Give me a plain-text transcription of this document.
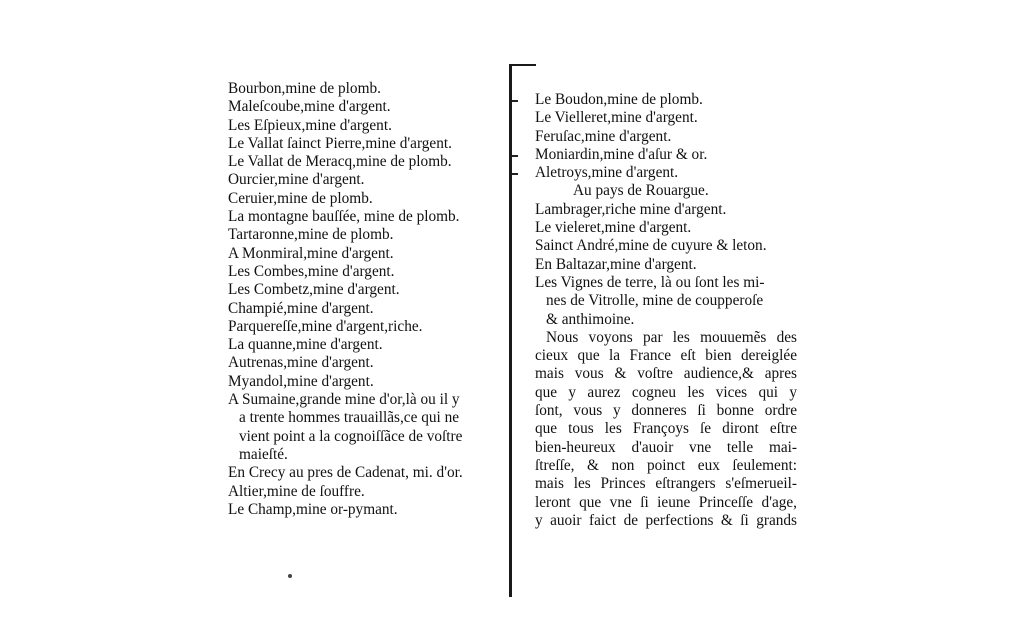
Bourbon,mine de plomb.
Maleſcoube,mine d'argent.
Les Eſpieux,mine d'argent.
Le Vallat ſainct Pierre,mine d'argent.
Le Vallat de Meracq,mine de plomb.
Ourcier,mine d'argent.
Ceruier,mine de plomb.
La montagne bauſſée, mine de plomb.
Tartaronne,mine de plomb.
A Monmiral,mine d'argent.
Les Combes,mine d'argent.
Les Combetz,mine d'argent.
Champié,mine d'argent.
Parquereſſe,mine d'argent,riche.
La quanne,mine d'argent.
Autrenas,mine d'argent.
Myandol,mine d'argent.
A Sumaine,grande mine d'or,là ou il y
a trente hommes trauaillãs,ce qui ne
vient point a la cognoiſſãce de voſtre
maieſté.
En Crecy au pres de Cadenat, mi. d'or.
Altier,mine de ſouffre.
Le Champ,mine or-pymant.
Le Boudon,mine de plomb.
Le Vielleret,mine d'argent.
Feruſac,mine d'argent.
Moniardin,mine d'aſur & or.
Aletroys,mine d'argent.
Au pays de Rouargue.
Lambrager,riche mine d'argent.
Le vieleret,mine d'argent.
Sainct André,mine de cuyure & leton.
En Baltazar,mine d'argent.
Les Vignes de terre, là ou ſont les mi-
nes de Vitrolle, mine de coupperoſe
& anthimoine.
Nous voyons par les mouuemẽs des
cieux que la France eſt bien dereiglée
mais vous & voſtre audience,& apres
que y aurez cogneu les vices qui y
ſont, vous y donneres ſi bonne ordre
que tous les Françoys ſe diront eſtre
bien-heureux d'auoir vne telle mai-
ſtreſſe, & non poinct eux ſeulement:
mais les Princes eſtrangers s'eſmerueil-
leront que vne ſi ieune Princeſſe d'age,
y auoir faict de perfections & ſi grands
